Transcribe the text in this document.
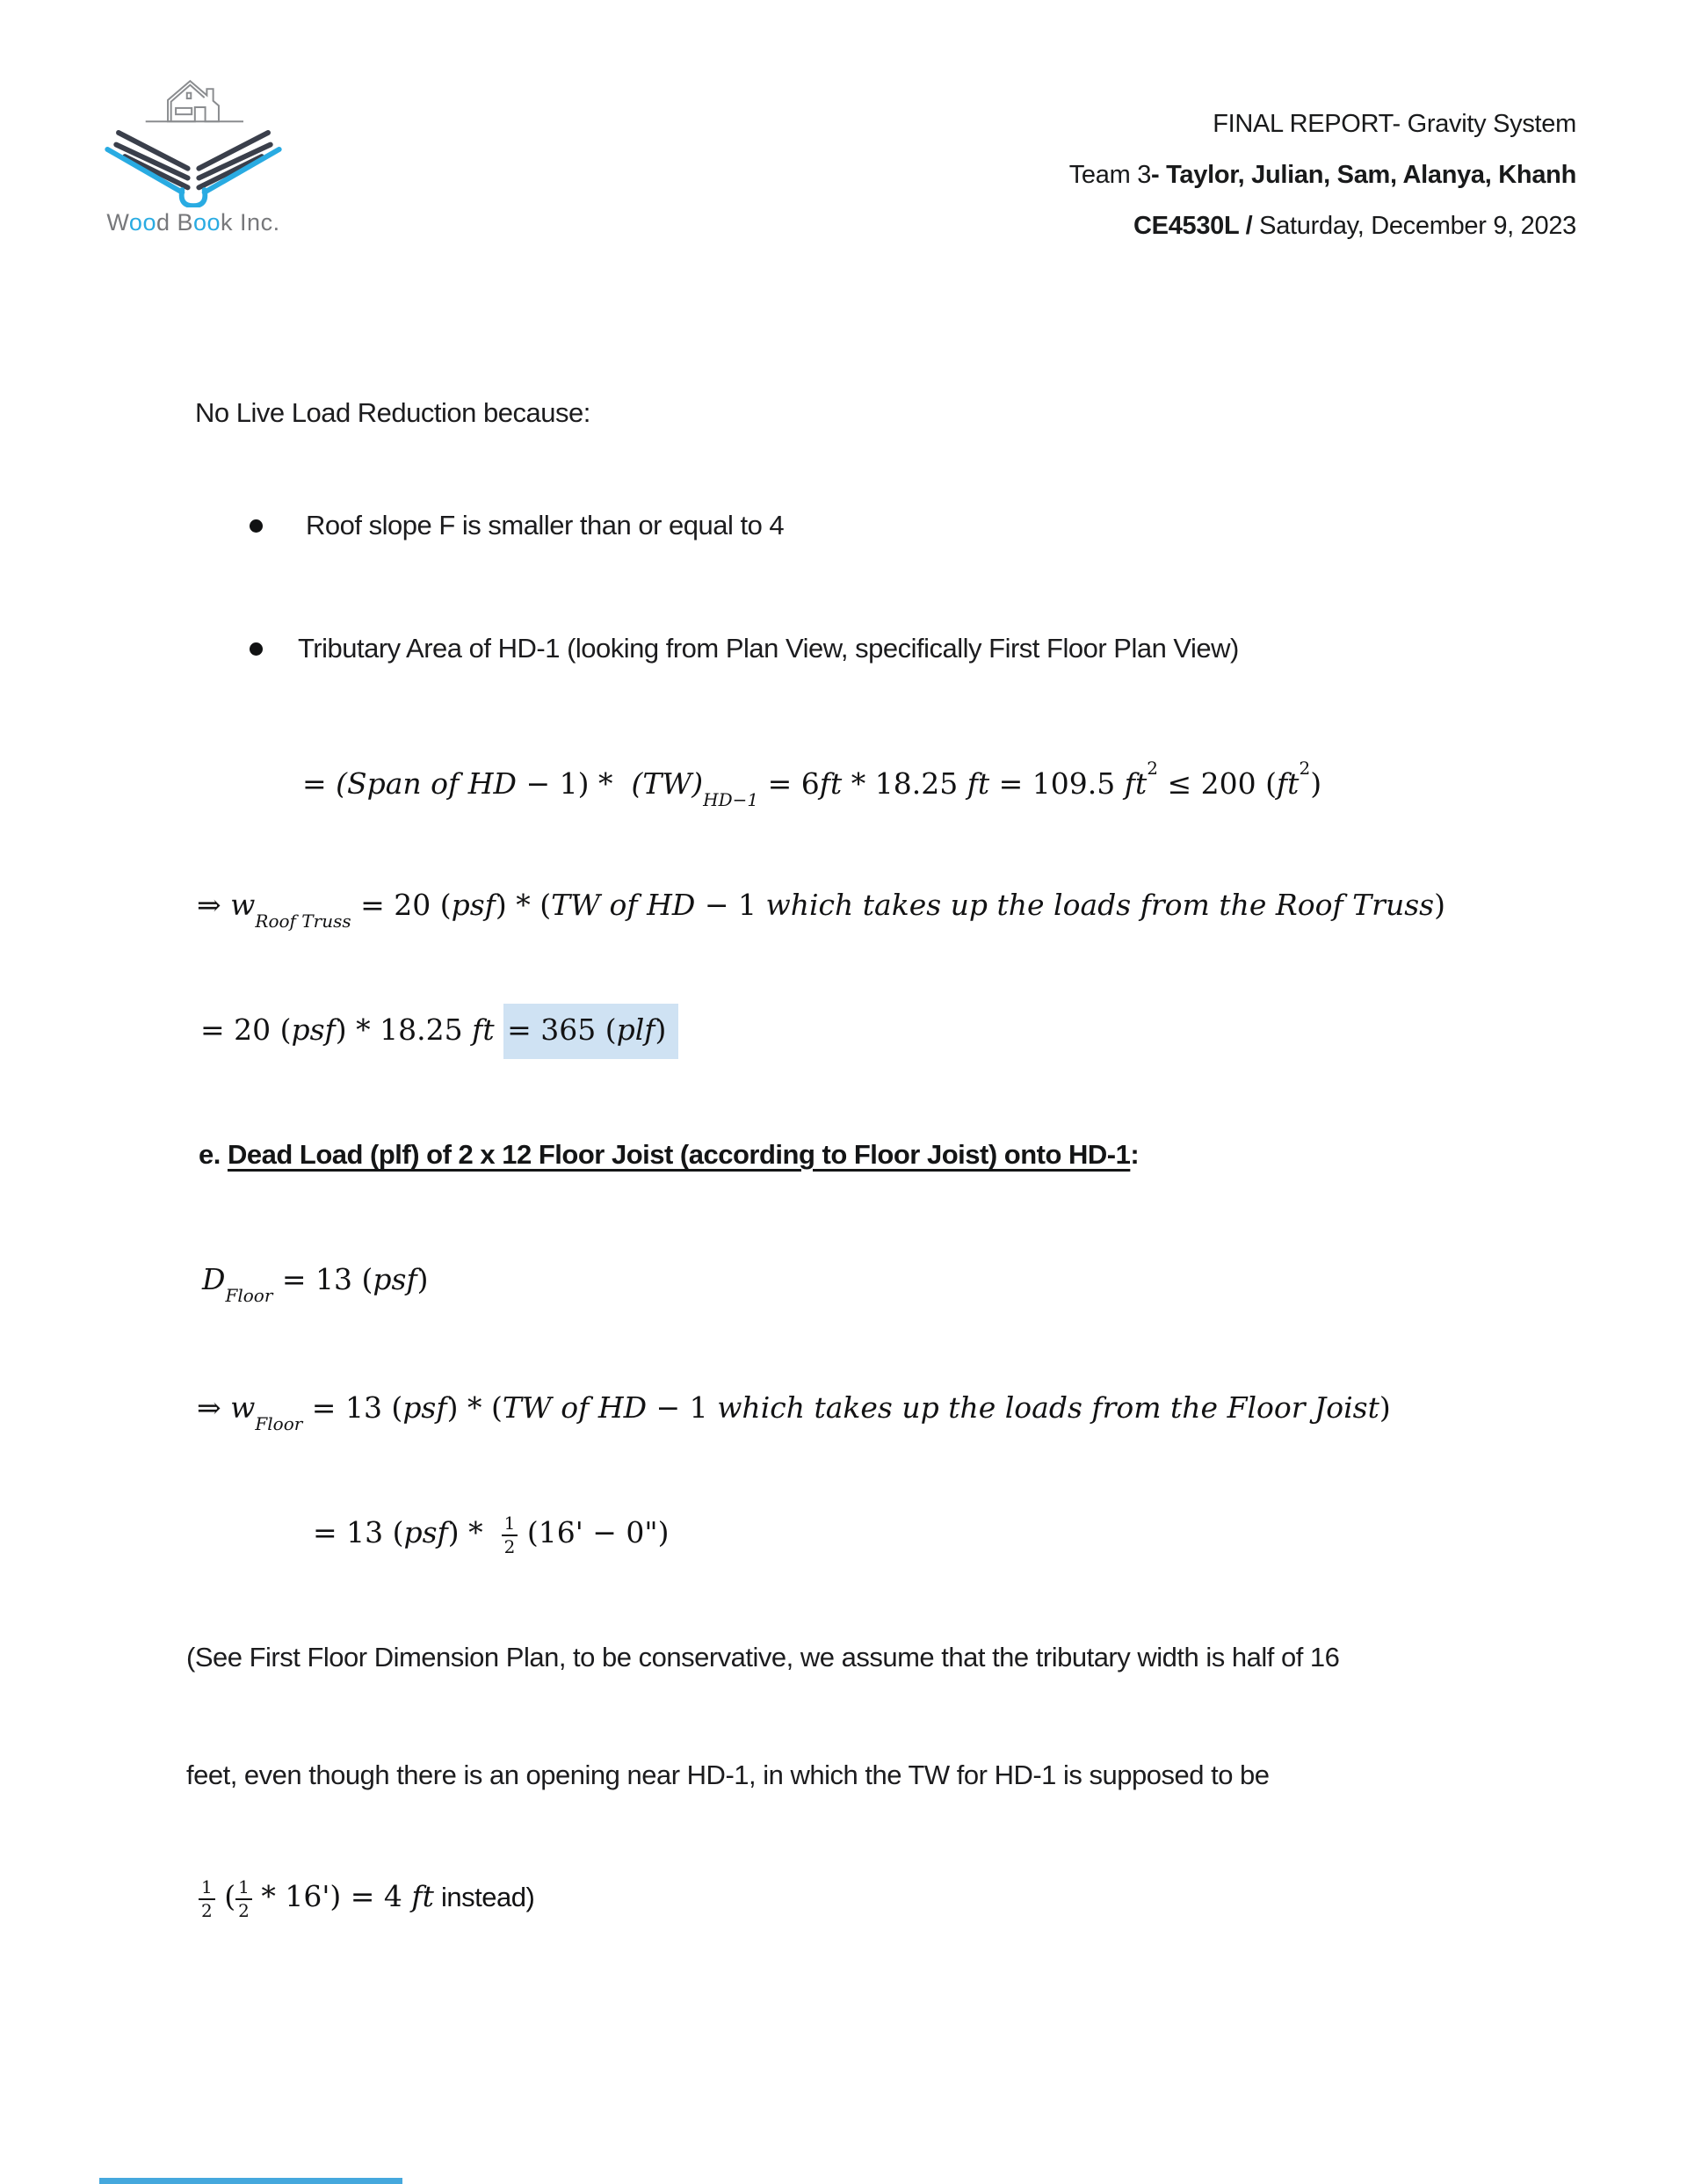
Wood Book Inc.
FINAL REPORT- Gravity System
Team 3- Taylor, Julian, Sam, Alanya, Khanh
CE4530L / Saturday, December 9, 2023
No Live Load Reduction because:
Roof slope F is smaller than or equal to 4
Tributary Area of HD-1 (looking from Plan View, specifically First Floor Plan View)
= (Span of HD − $1) * (TW)_{HD-1} = 6ft * 18.25$ ft = 109.5 $ft^2 \le 200$ $(ft^2)$
⇒ $w_{Roof Truss} = 20$ (psf) * (TW of HD − 1 which takes up the loads from the Roof Truss)
= 20 (psf) * 18.25 ft = 365 (plf)
e. Dead Load (plf) of 2 x 12 Floor Joist (according to Floor Joist) onto HD-1:
$D_{Floor} = 13$ (psf)
⇒ $w_{Floor} = 13$ (psf) * (TW of HD − 1 which takes up the loads from the Floor Joist)
= 13 $(psf) * \frac{1}{2} (16'$ − 0")
(See First Floor Dimension Plan, to be conservative, we assume that the tributary width is half of 16
feet, even though there is an opening near HD-1, in which the TW for HD-1 is supposed to be
$\frac{1}{2}$ ( $\frac{1}{2} * 16') = 4$ ft instead)
